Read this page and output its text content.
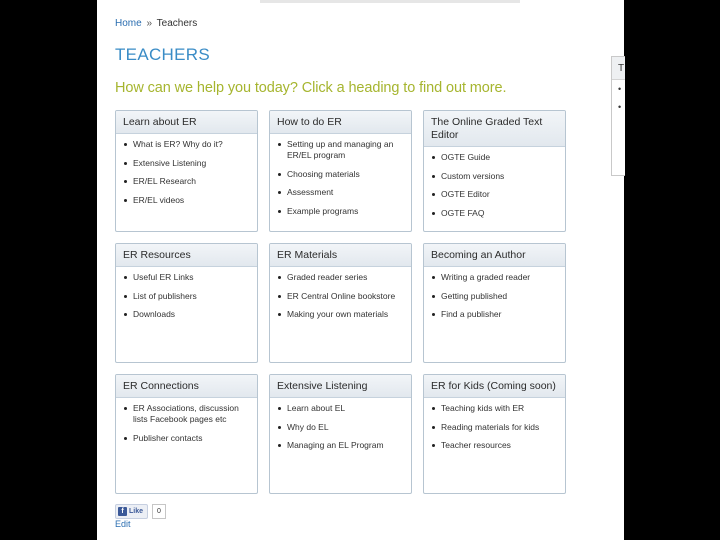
T
•
•
Home » Teachers
TEACHERS
How can we help you today? Click a heading to find out more.
Learn about ER
What is ER? Why do it?
Extensive Listening
ER/EL Research
ER/EL videos
How to do ER
Setting up and managing an ER/EL program
Choosing materials
Assessment
Example programs
The Online Graded Text Editor
OGTE Guide
Custom versions
OGTE Editor
OGTE FAQ
ER Resources
Useful ER Links
List of publishers
Downloads
ER Materials
Graded reader series
ER Central Online bookstore
Making your own materials
Becoming an Author
Writing a graded reader
Getting published
Find a publisher
ER Connections
ER Associations, discussion lists Facebook pages etc
Publisher contacts
Extensive Listening
Learn about EL
Why do EL
Managing an EL Program
ER for Kids (Coming soon)
Teaching kids with ER
Reading materials for kids
Teacher resources
f Like	0
Edit
